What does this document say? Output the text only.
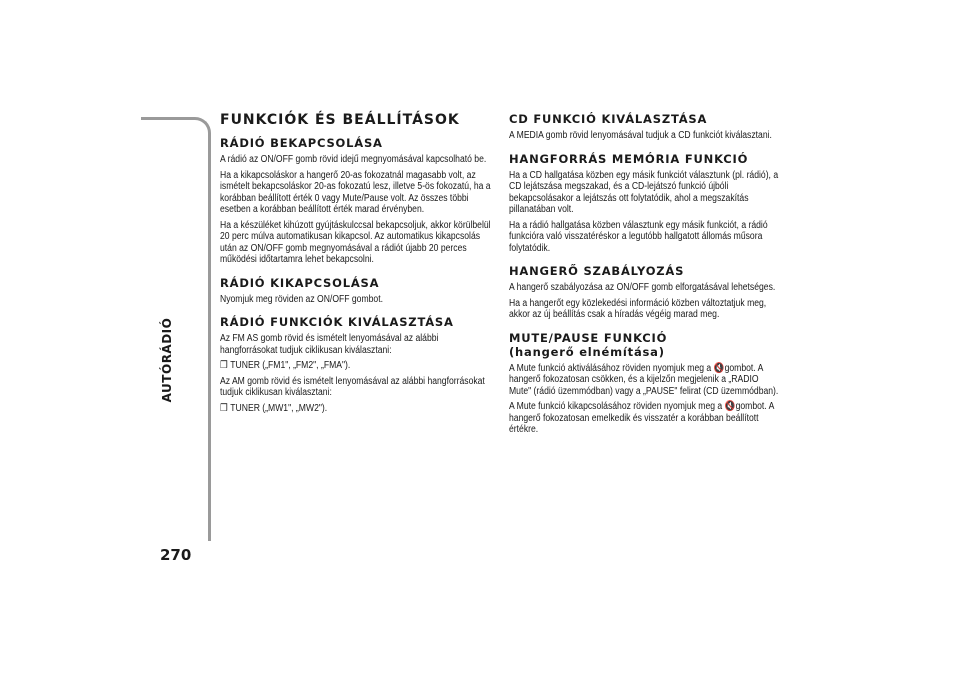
AUTÓRÁDIÓ
270
FUNKCIÓK ÉS BEÁLLÍTÁSOK
RÁDIÓ BEKAPCSOLÁSA

A rádió az ON/OFF gomb rövid idejű megnyomásával kapcsolható be.

Ha a kikapcsoláskor a hangerő 20-as fokozatnál magasabb volt, az ismételt bekapcsoláskor 20-as fokozatú lesz, illetve 5-ös fokozatú, ha a korábban beállított érték 0 vagy Mute/Pause volt. Az összes többi esetben a korábban beállított érték marad érvényben.

Ha a készüléket kihúzott gyújtáskulccsal bekapcsoljuk, akkor körülbelül 20 perc múlva automatikusan kikapcsol. Az automatikus kikapcsolás után az ON/OFF gomb megnyomásával a rádiót újabb 20 perces működési időtartamra lehet bekapcsolni.

RÁDIÓ KIKAPCSOLÁSA

Nyomjuk meg röviden az ON/OFF gombot.

RÁDIÓ FUNKCIÓK KIVÁLASZTÁSA

Az FM AS gomb rövid és ismételt lenyomásával az alábbi hangforrásokat tudjuk ciklikusan kiválasztani:

❒ TUNER („FM1", „FM2", „FMA").

Az AM gomb rövid és ismételt lenyomásával az alábbi hangforrásokat tudjuk ciklikusan kiválasztani:

❒ TUNER („MW1", „MW2").

CD FUNKCIÓ KIVÁLASZTÁSA

A MEDIA gomb rövid lenyomásával tudjuk a CD funkciót kiválasztani.

HANGFORRÁS MEMÓRIA FUNKCIÓ

Ha a CD hallgatása közben egy másik funkciót választunk (pl. rádió), a CD lejátszása megszakad, és a CD-lejátszó funkció újbóli bekapcsolásakor a lejátszás ott folytatódik, ahol a megszakítás pillanatában volt.

Ha a rádió hallgatása közben választunk egy másik funkciót, a rádió funkcióra való visszatéréskor a legutóbb hallgatott állomás műsora folytatódik.

HANGERŐ SZABÁLYOZÁS

A hangerő szabályozása az ON/OFF gomb elforgatásával lehetséges.

Ha a hangerőt egy közlekedési információ közben változtatjuk meg, akkor az új beállítás csak a híradás végéig marad meg.

MUTE/PAUSE FUNKCIÓ
(hangerő elnémítása)

A Mute funkció aktiválásához röviden nyomjuk meg a 🔇 gombot. A hangerő fokozatosan csökken, és a kijelzőn megjelenik a „RADIO Mute" (rádió üzemmódban) vagy a „PAUSE" felirat (CD üzemmódban).

A Mute funkció kikapcsolásához röviden nyomjuk meg a 🔇 gombot. A hangerő fokozatosan emelkedik és visszatér a korábban beállított értékre.
